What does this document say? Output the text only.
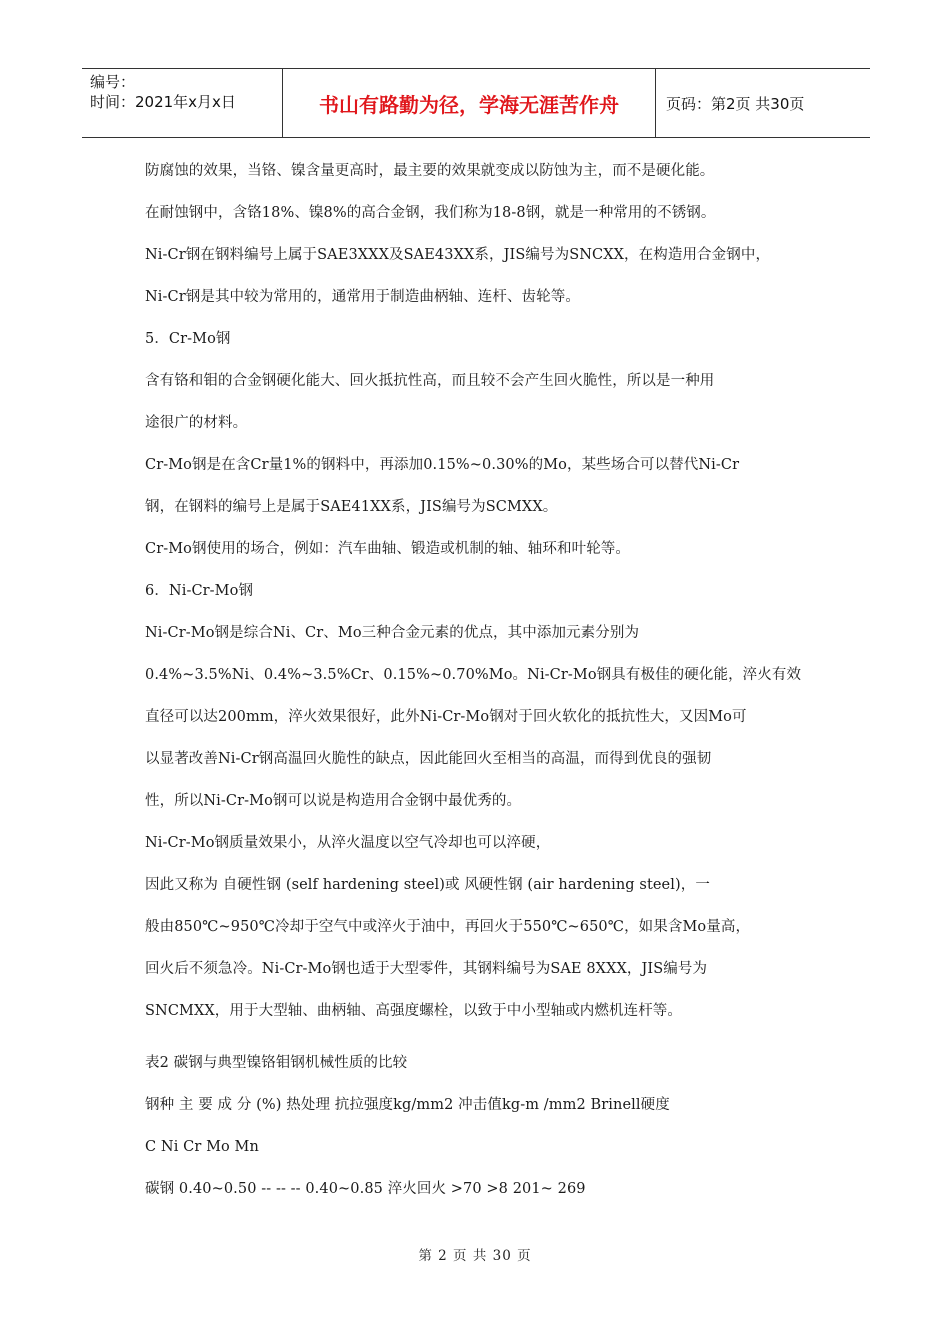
编号：
时间：2021年x月x日	书山有路勤为径，学海无涯苦作舟	页码：第2页 共30页
防腐蚀的效果，当铬、镍含量更高时，最主要的效果就变成以防蚀为主，而不是硬化能。
在耐蚀钢中，含铬18%、镍8%的高合金钢，我们称为18-8钢，就是一种常用的不锈钢。
Ni-Cr钢在钢料编号上属于SAE3XXX及SAE43XX系，JIS编号为SNCXX，在构造用合金钢中，
Ni-Cr钢是其中较为常用的，通常用于制造曲柄轴、连杆、齿轮等。
5．Cr-Mo钢
含有铬和钼的合金钢硬化能大、回火抵抗性高，而且较不会产生回火脆性，所以是一种用
途很广的材料。
Cr-Mo钢是在含Cr量1%的钢料中，再添加0.15%~0.30%的Mo，某些场合可以替代Ni-Cr
钢，在钢料的编号上是属于SAE41XX系，JIS编号为SCMXX。
Cr-Mo钢使用的场合，例如：汽车曲轴、锻造或机制的轴、轴环和叶轮等。
6．Ni-Cr-Mo钢
Ni-Cr-Mo钢是综合Ni、Cr、Mo三种合金元素的优点，其中添加元素分别为
0.4%~3.5%Ni、0.4%~3.5%Cr、0.15%~0.70%Mo。Ni-Cr-Mo钢具有极佳的硬化能，淬火有效
直径可以达200mm，淬火效果很好，此外Ni-Cr-Mo钢对于回火软化的抵抗性大，又因Mo可
以显著改善Ni-Cr钢高温回火脆性的缺点，因此能回火至相当的高温，而得到优良的强韧
性，所以Ni-Cr-Mo钢可以说是构造用合金钢中最优秀的。
Ni-Cr-Mo钢质量效果小，从淬火温度以空气冷却也可以淬硬，
因此又称为 自硬性钢 (self hardening steel)或 风硬性钢 (air hardening steel)，一
般由850℃~950℃冷却于空气中或淬火于油中，再回火于550℃~650℃，如果含Mo量高，
回火后不须急冷。Ni-Cr-Mo钢也适于大型零件，其钢料编号为SAE 8XXX，JIS编号为
SNCMXX，用于大型轴、曲柄轴、高强度螺栓，以致于中小型轴或内燃机连杆等。
表2 碳钢与典型镍铬钼钢机械性质的比较
钢种 主 要 成 分 (%) 热处理 抗拉强度kg/mm2 冲击值kg-m /mm2 Brinell硬度
C Ni Cr Mo Mn
碳钢 0.40~0.50 -- -- -- 0.40~0.85 淬火回火 >70 >8 201~ 269
第 2 页 共 30 页
